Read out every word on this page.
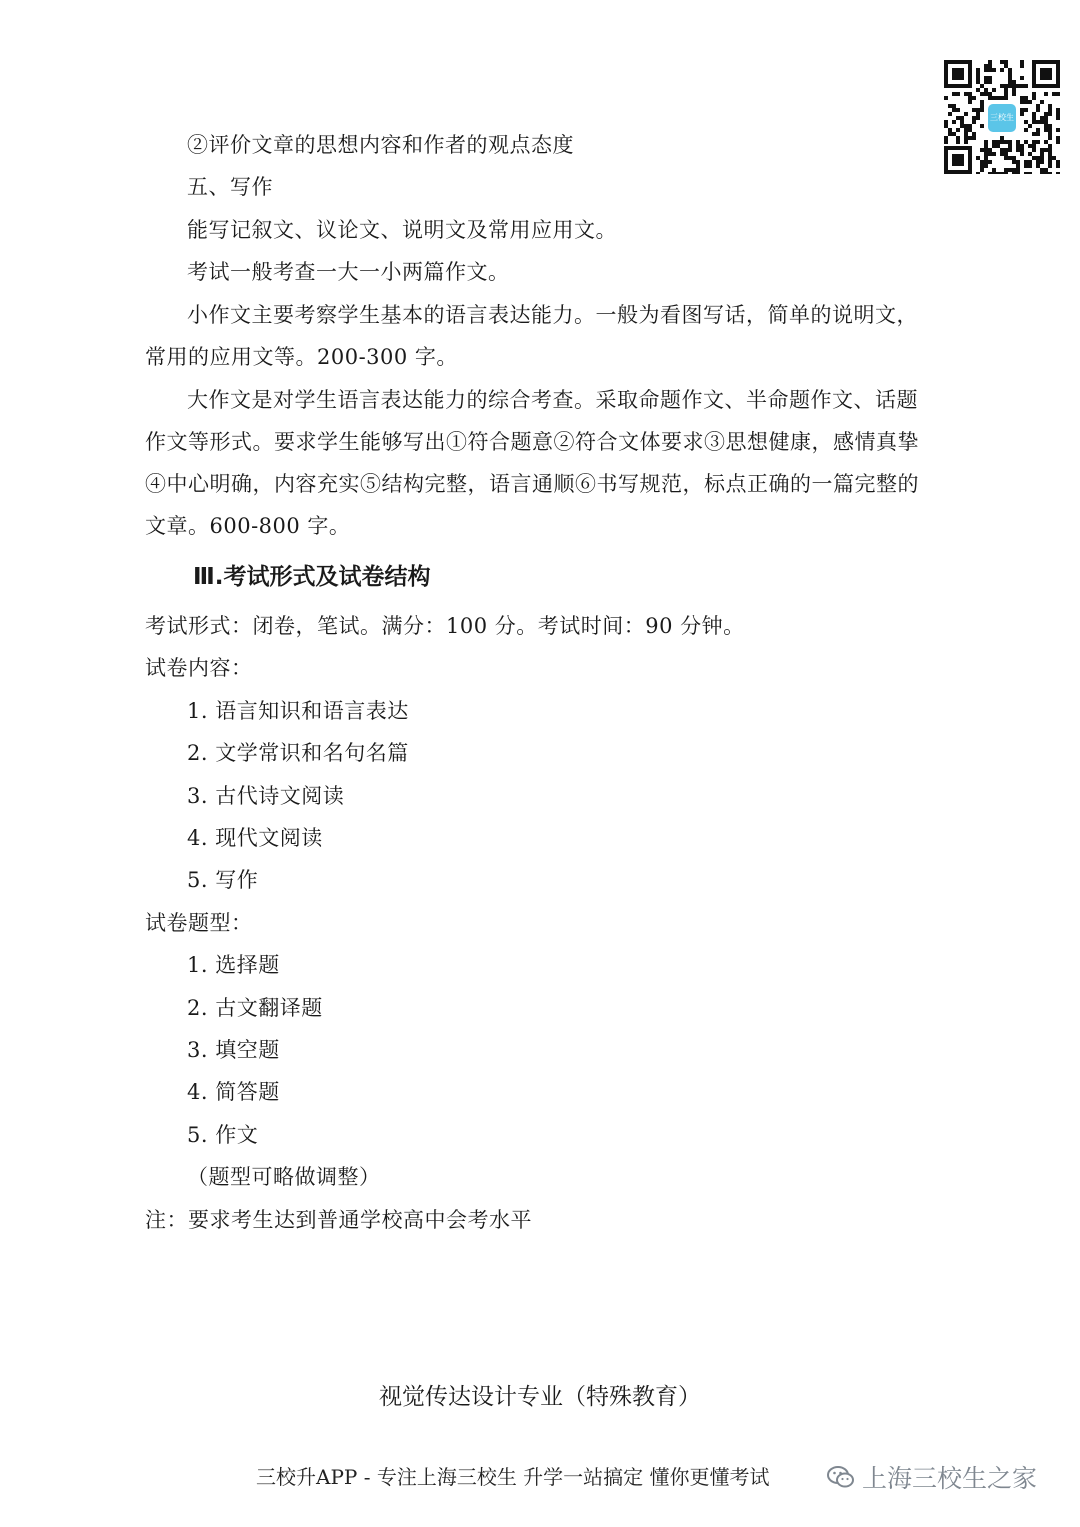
三校生
②评价文章的思想内容和作者的观点态度
五、写作
能写记叙文、议论文、说明文及常用应用文。
考试一般考查一大一小两篇作文。
小作文主要考察学生基本的语言表达能力。一般为看图写话，简单的说明文，
常用的应用文等。200-300 字。
大作文是对学生语言表达能力的综合考查。采取命题作文、半命题作文、话题
作文等形式。要求学生能够写出①符合题意②符合文体要求③思想健康，感情真挚
④中心明确，内容充实⑤结构完整，语言通顺⑥书写规范，标点正确的一篇完整的
文章。600-800 字。
Ⅲ.考试形式及试卷结构
考试形式：闭卷，笔试。满分：100 分。考试时间：90 分钟。
试卷内容：
1. 语言知识和语言表达
2. 文学常识和名句名篇
3. 古代诗文阅读
4. 现代文阅读
5. 写作
试卷题型：
1. 选择题
2. 古文翻译题
3. 填空题
4. 简答题
5. 作文
（题型可略做调整）
注：要求考生达到普通学校高中会考水平
视觉传达设计专业（特殊教育）
三校升APP - 专注上海三校生 升学一站搞定 懂你更懂考试	上海三校生之家
